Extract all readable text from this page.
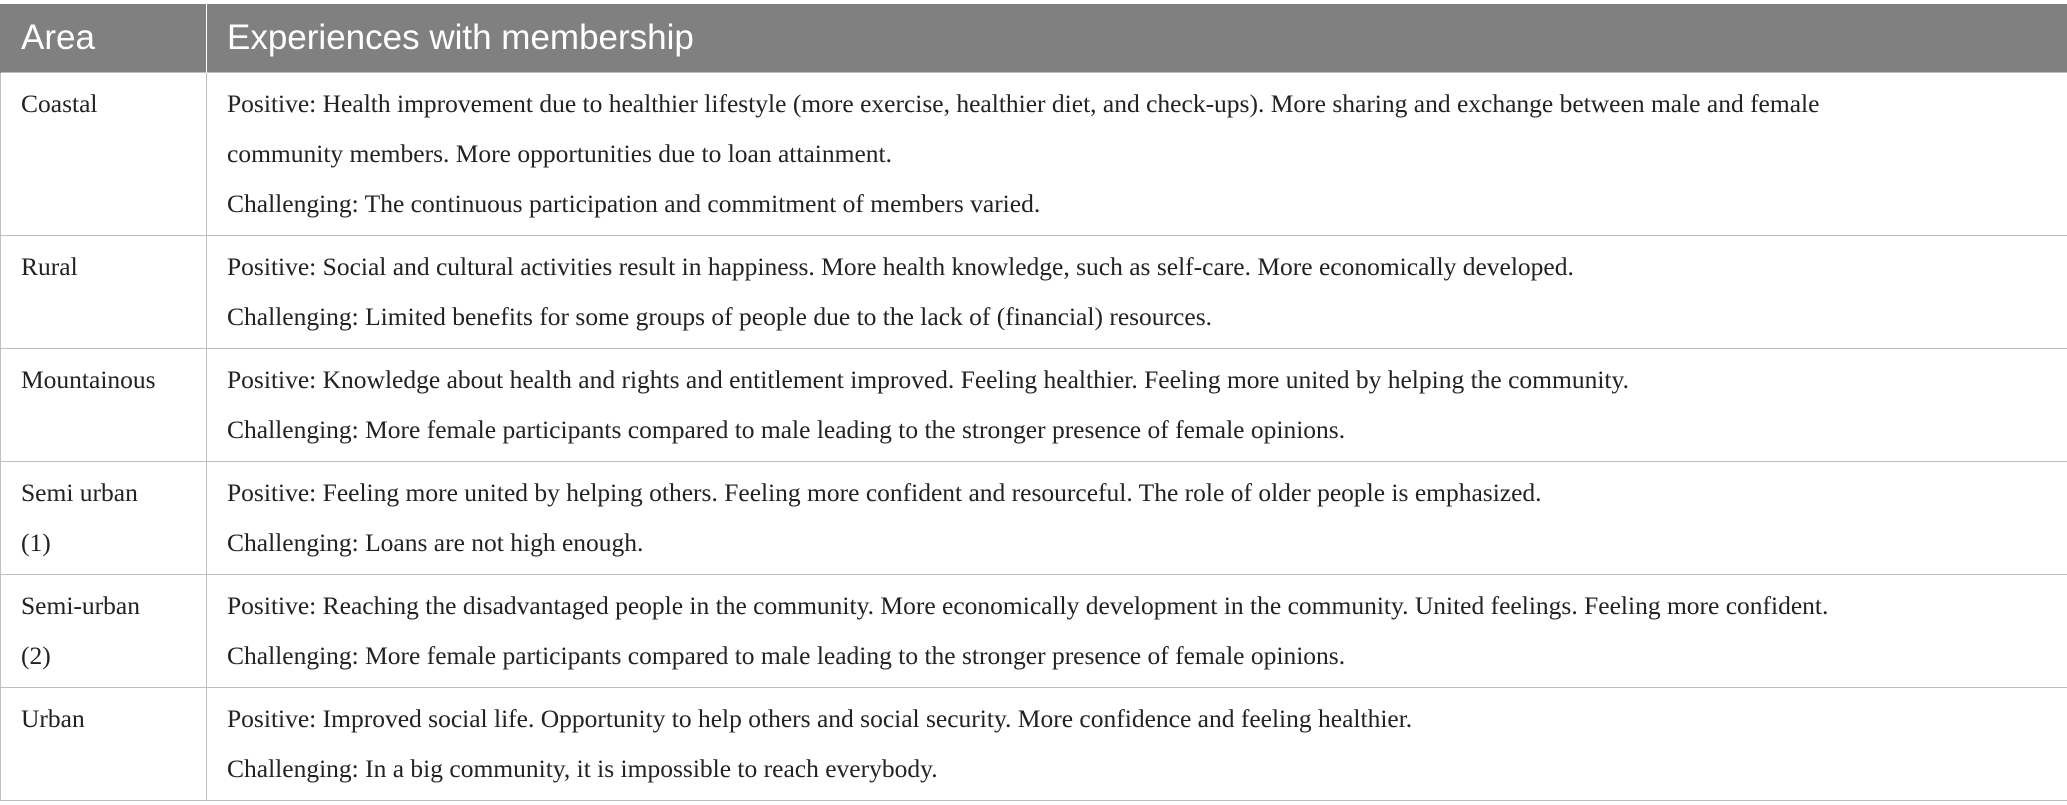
Area	Experiences with membership

Coastal	Positive: Health improvement due to healthier lifestyle (more exercise, healthier diet, and check-ups). More sharing and exchange between male and female
community members. More opportunities due to loan attainment.
Challenging: The continuous participation and commitment of members varied.

Rural	Positive: Social and cultural activities result in happiness. More health knowledge, such as self-care. More economically developed.
Challenging: Limited benefits for some groups of people due to the lack of (financial) resources.

Mountainous	Positive: Knowledge about health and rights and entitlement improved. Feeling healthier. Feeling more united by helping the community.
Challenging: More female participants compared to male leading to the stronger presence of female opinions.

Semi urban (1)	Positive: Feeling more united by helping others. Feeling more confident and resourceful. The role of older people is emphasized.
Challenging: Loans are not high enough.

Semi-urban (2)	Positive: Reaching the disadvantaged people in the community. More economically development in the community. United feelings. Feeling more confident.
Challenging: More female participants compared to male leading to the stronger presence of female opinions.

Urban	Positive: Improved social life. Opportunity to help others and social security. More confidence and feeling healthier.
Challenging: In a big community, it is impossible to reach everybody.
